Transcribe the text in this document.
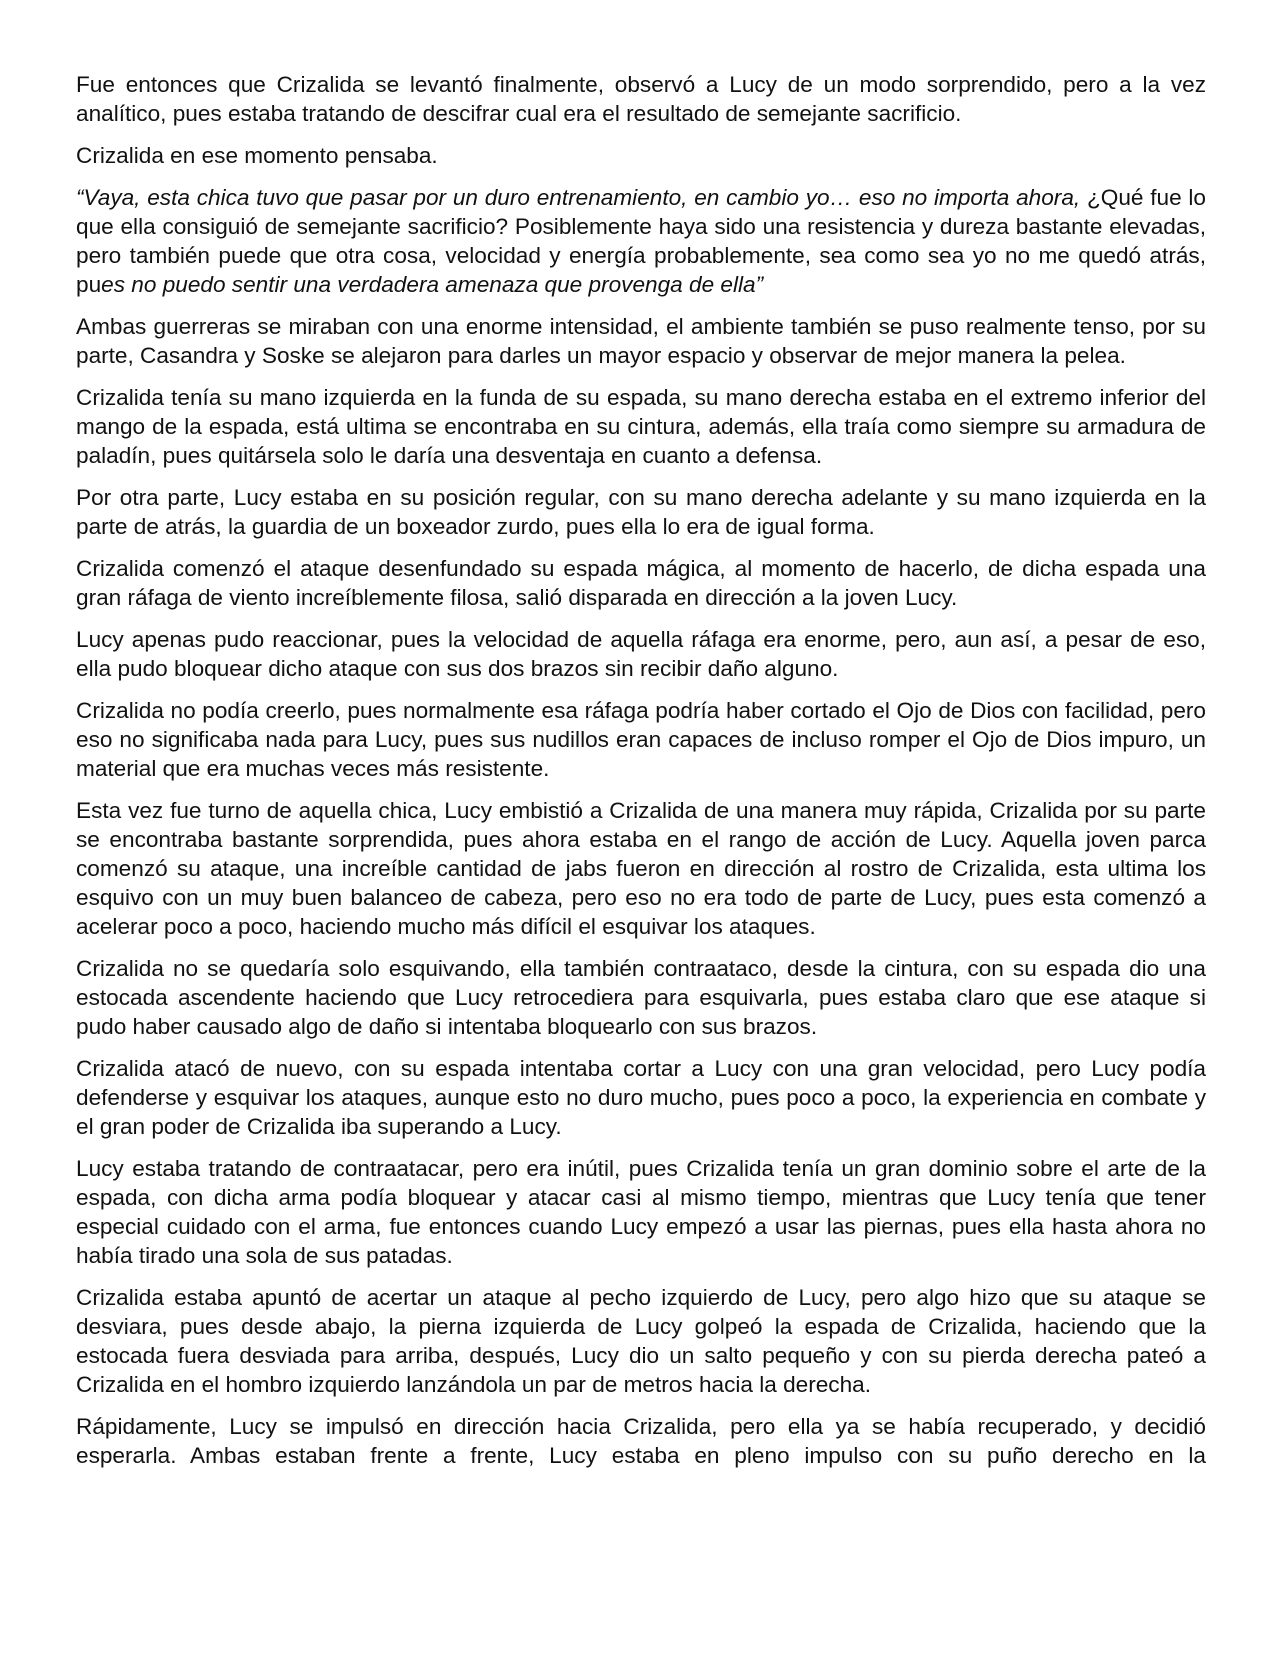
Fue entonces que Crizalida se levantó finalmente, observó a Lucy de un modo sorprendido, pero a la vez analítico, pues estaba tratando de descifrar cual era el resultado de semejante sacrificio.

Crizalida en ese momento pensaba.

“Vaya, esta chica tuvo que pasar por un duro entrenamiento, en cambio yo… eso no importa ahora, ¿Qué fue lo que ella consiguió de semejante sacrificio? Posiblemente haya sido una resistencia y dureza bastante elevadas, pero también puede que otra cosa, velocidad y energía probablemente, sea como sea yo no me quedó atrás, pues no puedo sentir una verdadera amenaza que provenga de ella”

Ambas guerreras se miraban con una enorme intensidad, el ambiente también se puso realmente tenso, por su parte, Casandra y Soske se alejaron para darles un mayor espacio y observar de mejor manera la pelea.

Crizalida tenía su mano izquierda en la funda de su espada, su mano derecha estaba en el extremo inferior del mango de la espada, está ultima se encontraba en su cintura, además, ella traía como siempre su armadura de paladín, pues quitársela solo le daría una desventaja en cuanto a defensa.

Por otra parte, Lucy estaba en su posición regular, con su mano derecha adelante y su mano izquierda en la parte de atrás, la guardia de un boxeador zurdo, pues ella lo era de igual forma.

Crizalida comenzó el ataque desenfundado su espada mágica, al momento de hacerlo, de dicha espada una gran ráfaga de viento increíblemente filosa, salió disparada en dirección a la joven Lucy.

Lucy apenas pudo reaccionar, pues la velocidad de aquella ráfaga era enorme, pero, aun así, a pesar de eso, ella pudo bloquear dicho ataque con sus dos brazos sin recibir daño alguno.

Crizalida no podía creerlo, pues normalmente esa ráfaga podría haber cortado el Ojo de Dios con facilidad, pero eso no significaba nada para Lucy, pues sus nudillos eran capaces de incluso romper el Ojo de Dios impuro, un material que era muchas veces más resistente.

Esta vez fue turno de aquella chica, Lucy embistió a Crizalida de una manera muy rápida, Crizalida por su parte se encontraba bastante sorprendida, pues ahora estaba en el rango de acción de Lucy. Aquella joven parca comenzó su ataque, una increíble cantidad de jabs fueron en dirección al rostro de Crizalida, esta ultima los esquivo con un muy buen balanceo de cabeza, pero eso no era todo de parte de Lucy, pues esta comenzó a acelerar poco a poco, haciendo mucho más difícil el esquivar los ataques.

Crizalida no se quedaría solo esquivando, ella también contraataco, desde la cintura, con su espada dio una estocada ascendente haciendo que Lucy retrocediera para esquivarla, pues estaba claro que ese ataque si pudo haber causado algo de daño si intentaba bloquearlo con sus brazos.

Crizalida atacó de nuevo, con su espada intentaba cortar a Lucy con una gran velocidad, pero Lucy podía defenderse y esquivar los ataques, aunque esto no duro mucho, pues poco a poco, la experiencia en combate y el gran poder de Crizalida iba superando a Lucy.

Lucy estaba tratando de contraatacar, pero era inútil, pues Crizalida tenía un gran dominio sobre el arte de la espada, con dicha arma podía bloquear y atacar casi al mismo tiempo, mientras que Lucy tenía que tener especial cuidado con el arma, fue entonces cuando Lucy empezó a usar las piernas, pues ella hasta ahora no había tirado una sola de sus patadas.

Crizalida estaba apuntó de acertar un ataque al pecho izquierdo de Lucy, pero algo hizo que su ataque se desviara, pues desde abajo, la pierna izquierda de Lucy golpeó la espada de Crizalida, haciendo que la estocada fuera desviada para arriba, después, Lucy dio un salto pequeño y con su pierda derecha pateó a Crizalida en el hombro izquierdo lanzándola un par de metros hacia la derecha.

Rápidamente, Lucy se impulsó en dirección hacia Crizalida, pero ella ya se había recuperado, y decidió esperarla. Ambas estaban frente a frente, Lucy estaba en pleno impulso con su puño derecho en la
